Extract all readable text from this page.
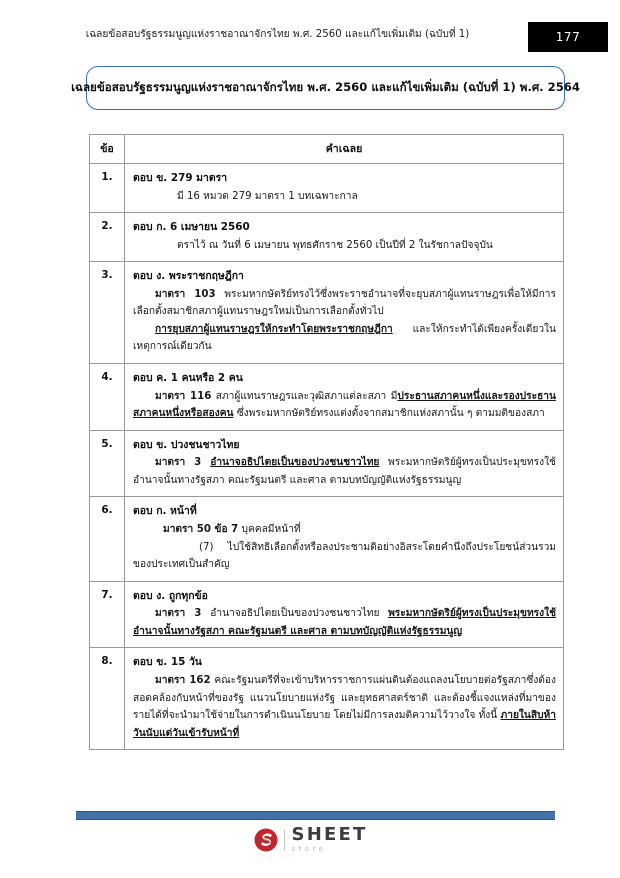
เฉลยข้อสอบรัฐธรรมนูญแห่งราชอาณาจักรไทย พ.ศ. 2560 และแก้ไขเพิ่มเติม (ฉบับที่ 1)	177
เฉลยข้อสอบรัฐธรรมนูญแห่งราชอาณาจักรไทย พ.ศ. 2560 และแก้ไขเพิ่มเติม (ฉบับที่ 1) พ.ศ. 2564
ข้อ	คำเฉลย
1.	ตอบ ข. 279 มาตรา

มี 16 หมวด 279 มาตรา 1 บทเฉพาะกาล

2.	ตอบ ก. 6 เมษายน 2560

ตราไว้ ณ วันที่ 6 เมษายน พุทธศักราช 2560 เป็นปีที่ 2 ในรัชกาลปัจจุบัน

3.	ตอบ ง. พระราชกฤษฎีกา

มาตรา 103 พระมหากษัตริย์ทรงไว้ซึ่งพระราชอำนาจที่จะยุบสภาผู้แทนราษฎรเพื่อให้มีการเลือกตั้งสมาชิกสภาผู้แทนราษฎรใหม่เป็นการเลือกตั้งทั่วไป

การยุบสภาผู้แทนราษฎรให้กระทำโดยพระราชกฤษฎีกา และให้กระทำได้เพียงครั้งเดียวในเหตุการณ์เดียวกัน

4.	ตอบ ค. 1 คนหรือ 2 คน

มาตรา 116 สภาผู้แทนราษฎรและวุฒิสภาแต่ละสภา มีประธานสภาคนหนึ่งและรองประธานสภาคนหนึ่งหรือสองคน ซึ่งพระมหากษัตริย์ทรงแต่งตั้งจากสมาชิกแห่งสภานั้น ๆ ตามมติของสภา

5.	ตอบ ข. ปวงชนชาวไทย

มาตรา 3 อำนาจอธิปไตยเป็นของปวงชนชาวไทย พระมหากษัตริย์ผู้ทรงเป็นประมุขทรงใช้อำนาจนั้นทางรัฐสภา คณะรัฐมนตรี และศาล ตามบทบัญญัติแห่งรัฐธรรมนูญ

6.	ตอบ ก. หน้าที่

มาตรา 50 ข้อ 7 บุคคลมีหน้าที่

(7) ไปใช้สิทธิเลือกตั้งหรือลงประชามติอย่างอิสระโดยคำนึงถึงประโยชน์ส่วนรวมของประเทศเป็นสำคัญ

7.	ตอบ ง. ถูกทุกข้อ

มาตรา 3 อำนาจอธิปไตยเป็นของปวงชนชาวไทย พระมหากษัตริย์ผู้ทรงเป็นประมุขทรงใช้อำนาจนั้นทางรัฐสภา คณะรัฐมนตรี และศาล ตามบทบัญญัติแห่งรัฐธรรมนูญ

8.	ตอบ ข. 15 วัน

มาตรา 162 คณะรัฐมนตรีที่จะเข้าบริหารราชการแผ่นดินต้องแถลงนโยบายต่อรัฐสภาซึ่งต้องสอดคล้องกับหน้าที่ของรัฐ แนวนโยบายแห่งรัฐ และยุทธศาสตร์ชาติ และต้องชี้แจงแหล่งที่มาของรายได้ที่จะนำมาใช้จ่ายในการดำเนินนโยบาย โดยไม่มีการลงมติความไว้วางใจ ทั้งนี้ ภายในสิบห้าวันนับแต่วันเข้ารับหน้าที่

SHEET
store
